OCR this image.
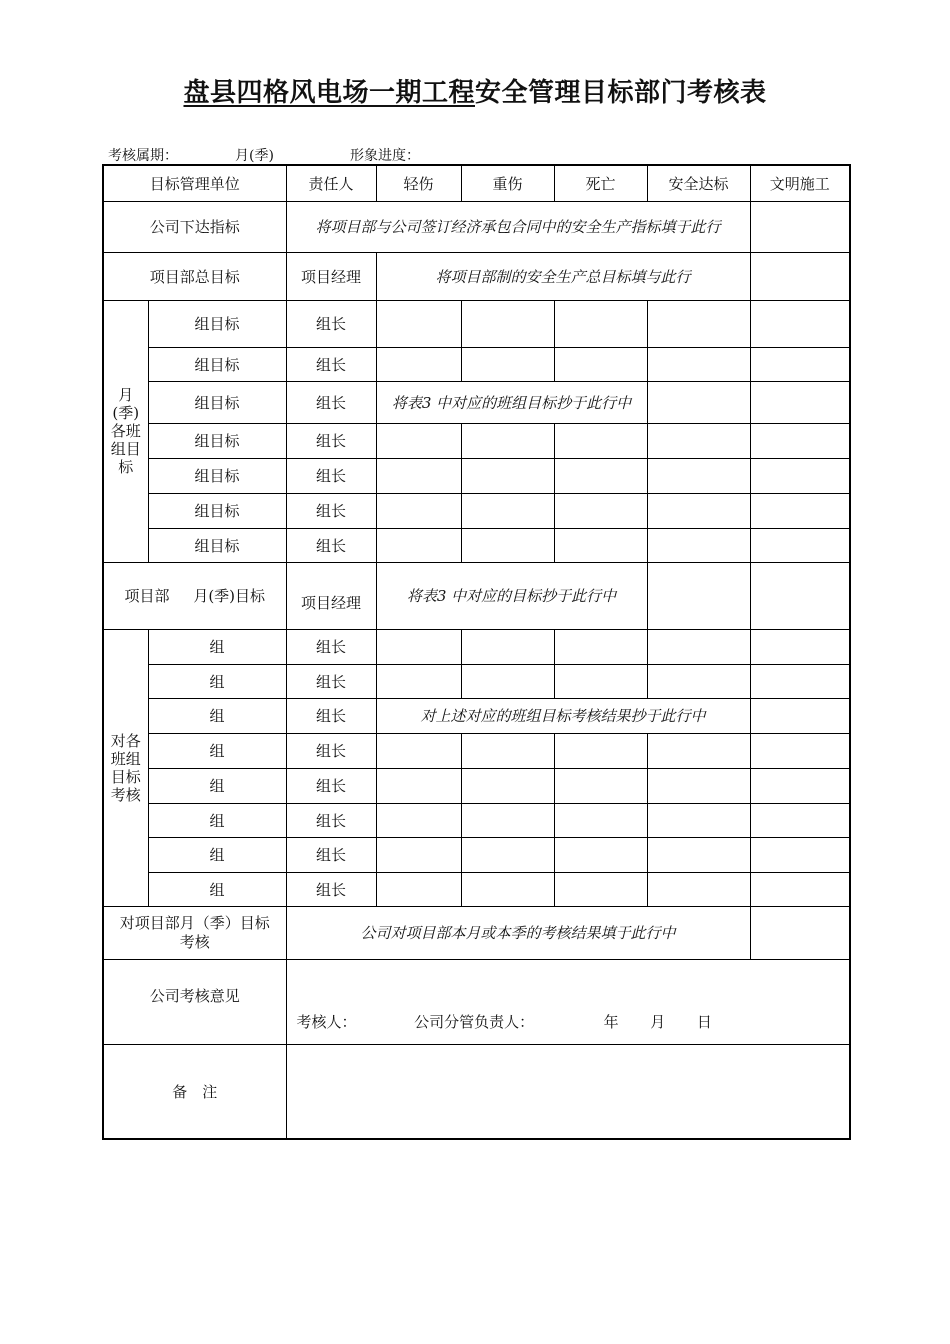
盘县四格风电场一期工程安全管理目标部门考核表
考核属期：	月(季)	形象进度：
目标管理单位		责任人	轻伤	重伤	死亡	安全达标	文明施工
公司下达指标		将项目部与公司签订经济承包合同中的安全生产指标填于此行					
项目部总目标		项目经理	将项目部制的安全生产总目标填与此行				
月(季)各班组目标	组目标	组长					
	组目标	组长					
	组目标	组长	将表3 中对应的班组目标抄于此行中				
	组目标	组长					
	组目标	组长					
	组目标	组长					
	组目标	组长					
项目部 月(季)目标		项目经理	将表3 中对应的目标抄于此行中				
对各班组目标考核	组	组长					
	组	组长					
	组	组长	对上述对应的班组目标考核结果抄于此行中				
	组	组长					
	组	组长					
	组	组长					
	组	组长					
	组	组长					

对项目部月（季）目标考核		公司对项目部本月或本季的考核结果填于此行中					

公司考核意见		考核人： 公司分管负责人： 年 月 日					

备　注							
